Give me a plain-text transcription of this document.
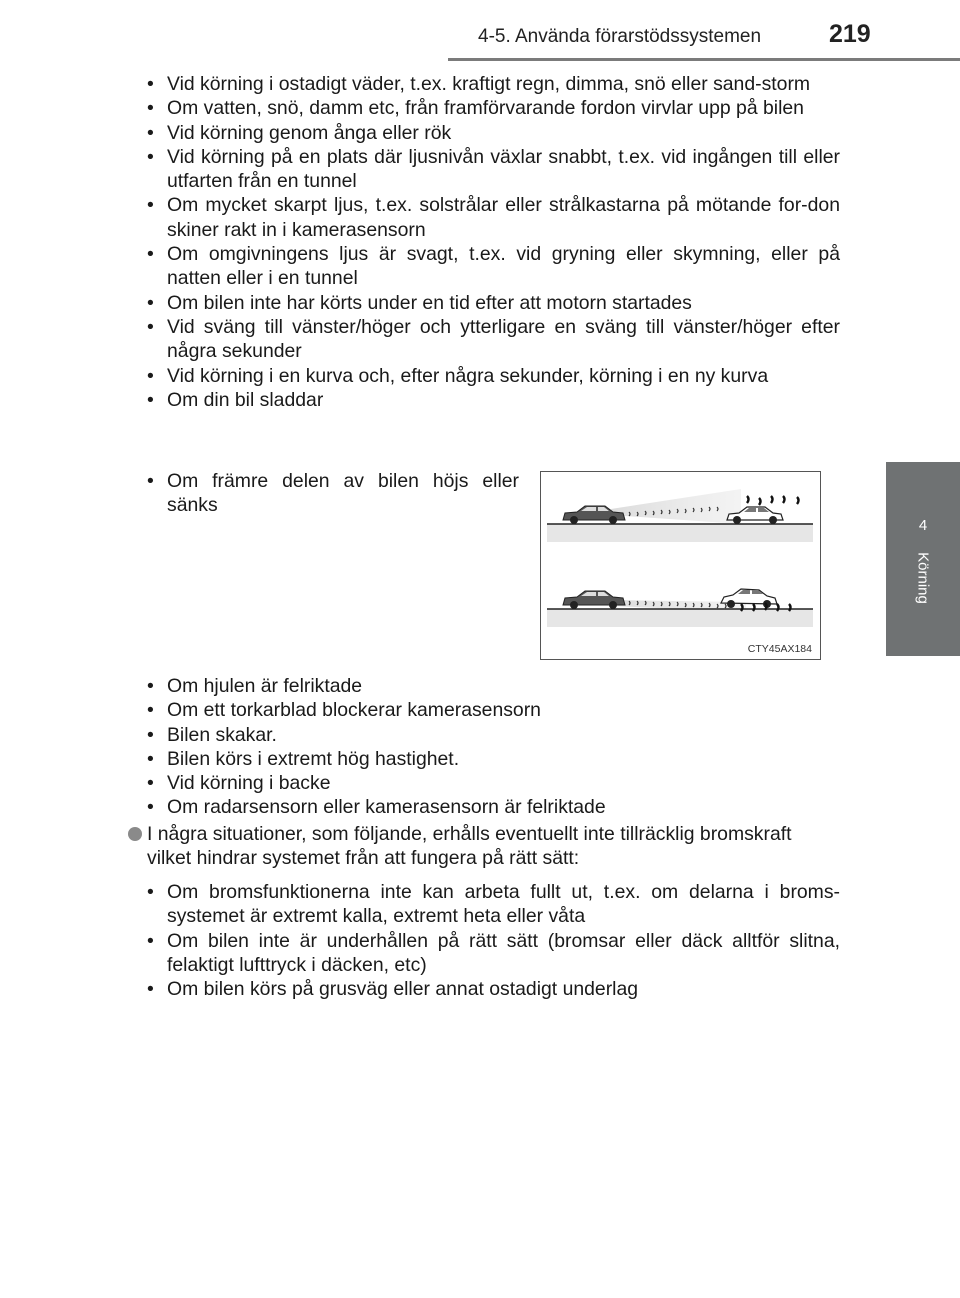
4-5. Använda förarstödssystemen	219
4
Körning
• Vid körning i ostadigt väder, t.ex. kraftigt regn, dimma, snö eller sand-storm
• Om vatten, snö, damm etc, från framförvarande fordon virvlar upp på bilen
• Vid körning genom ånga eller rök
• Vid körning på en plats där ljusnivån växlar snabbt, t.ex. vid ingången till eller utfarten från en tunnel
• Om mycket skarpt ljus, t.ex. solstrålar eller strålkastarna på mötande for-don skiner rakt in i kamerasensorn
• Om omgivningens ljus är svagt, t.ex. vid gryning eller skymning, eller på natten eller i en tunnel
• Om bilen inte har körts under en tid efter att motorn startades
• Vid sväng till vänster/höger och ytterligare en sväng till vänster/höger efter några sekunder
• Vid körning i en kurva och, efter några sekunder, körning i en ny kurva
• Om din bil sladdar
• Om främre delen av bilen höjs eller sänks
CTY45AX184
• Om hjulen är felriktade
• Om ett torkarblad blockerar kamerasensorn
• Bilen skakar.
• Bilen körs i extremt hög hastighet.
• Vid körning i backe
• Om radarsensorn eller kamerasensorn är felriktade
I några situationer, som följande, erhålls eventuellt inte tillräcklig bromskraft vilket hindrar systemet från att fungera på rätt sätt:
• Om bromsfunktionerna inte kan arbeta fullt ut, t.ex. om delarna i broms-systemet är extremt kalla, extremt heta eller våta
• Om bilen inte är underhållen på rätt sätt (bromsar eller däck alltför slitna, felaktigt lufttryck i däcken, etc)
• Om bilen körs på grusväg eller annat ostadigt underlag
